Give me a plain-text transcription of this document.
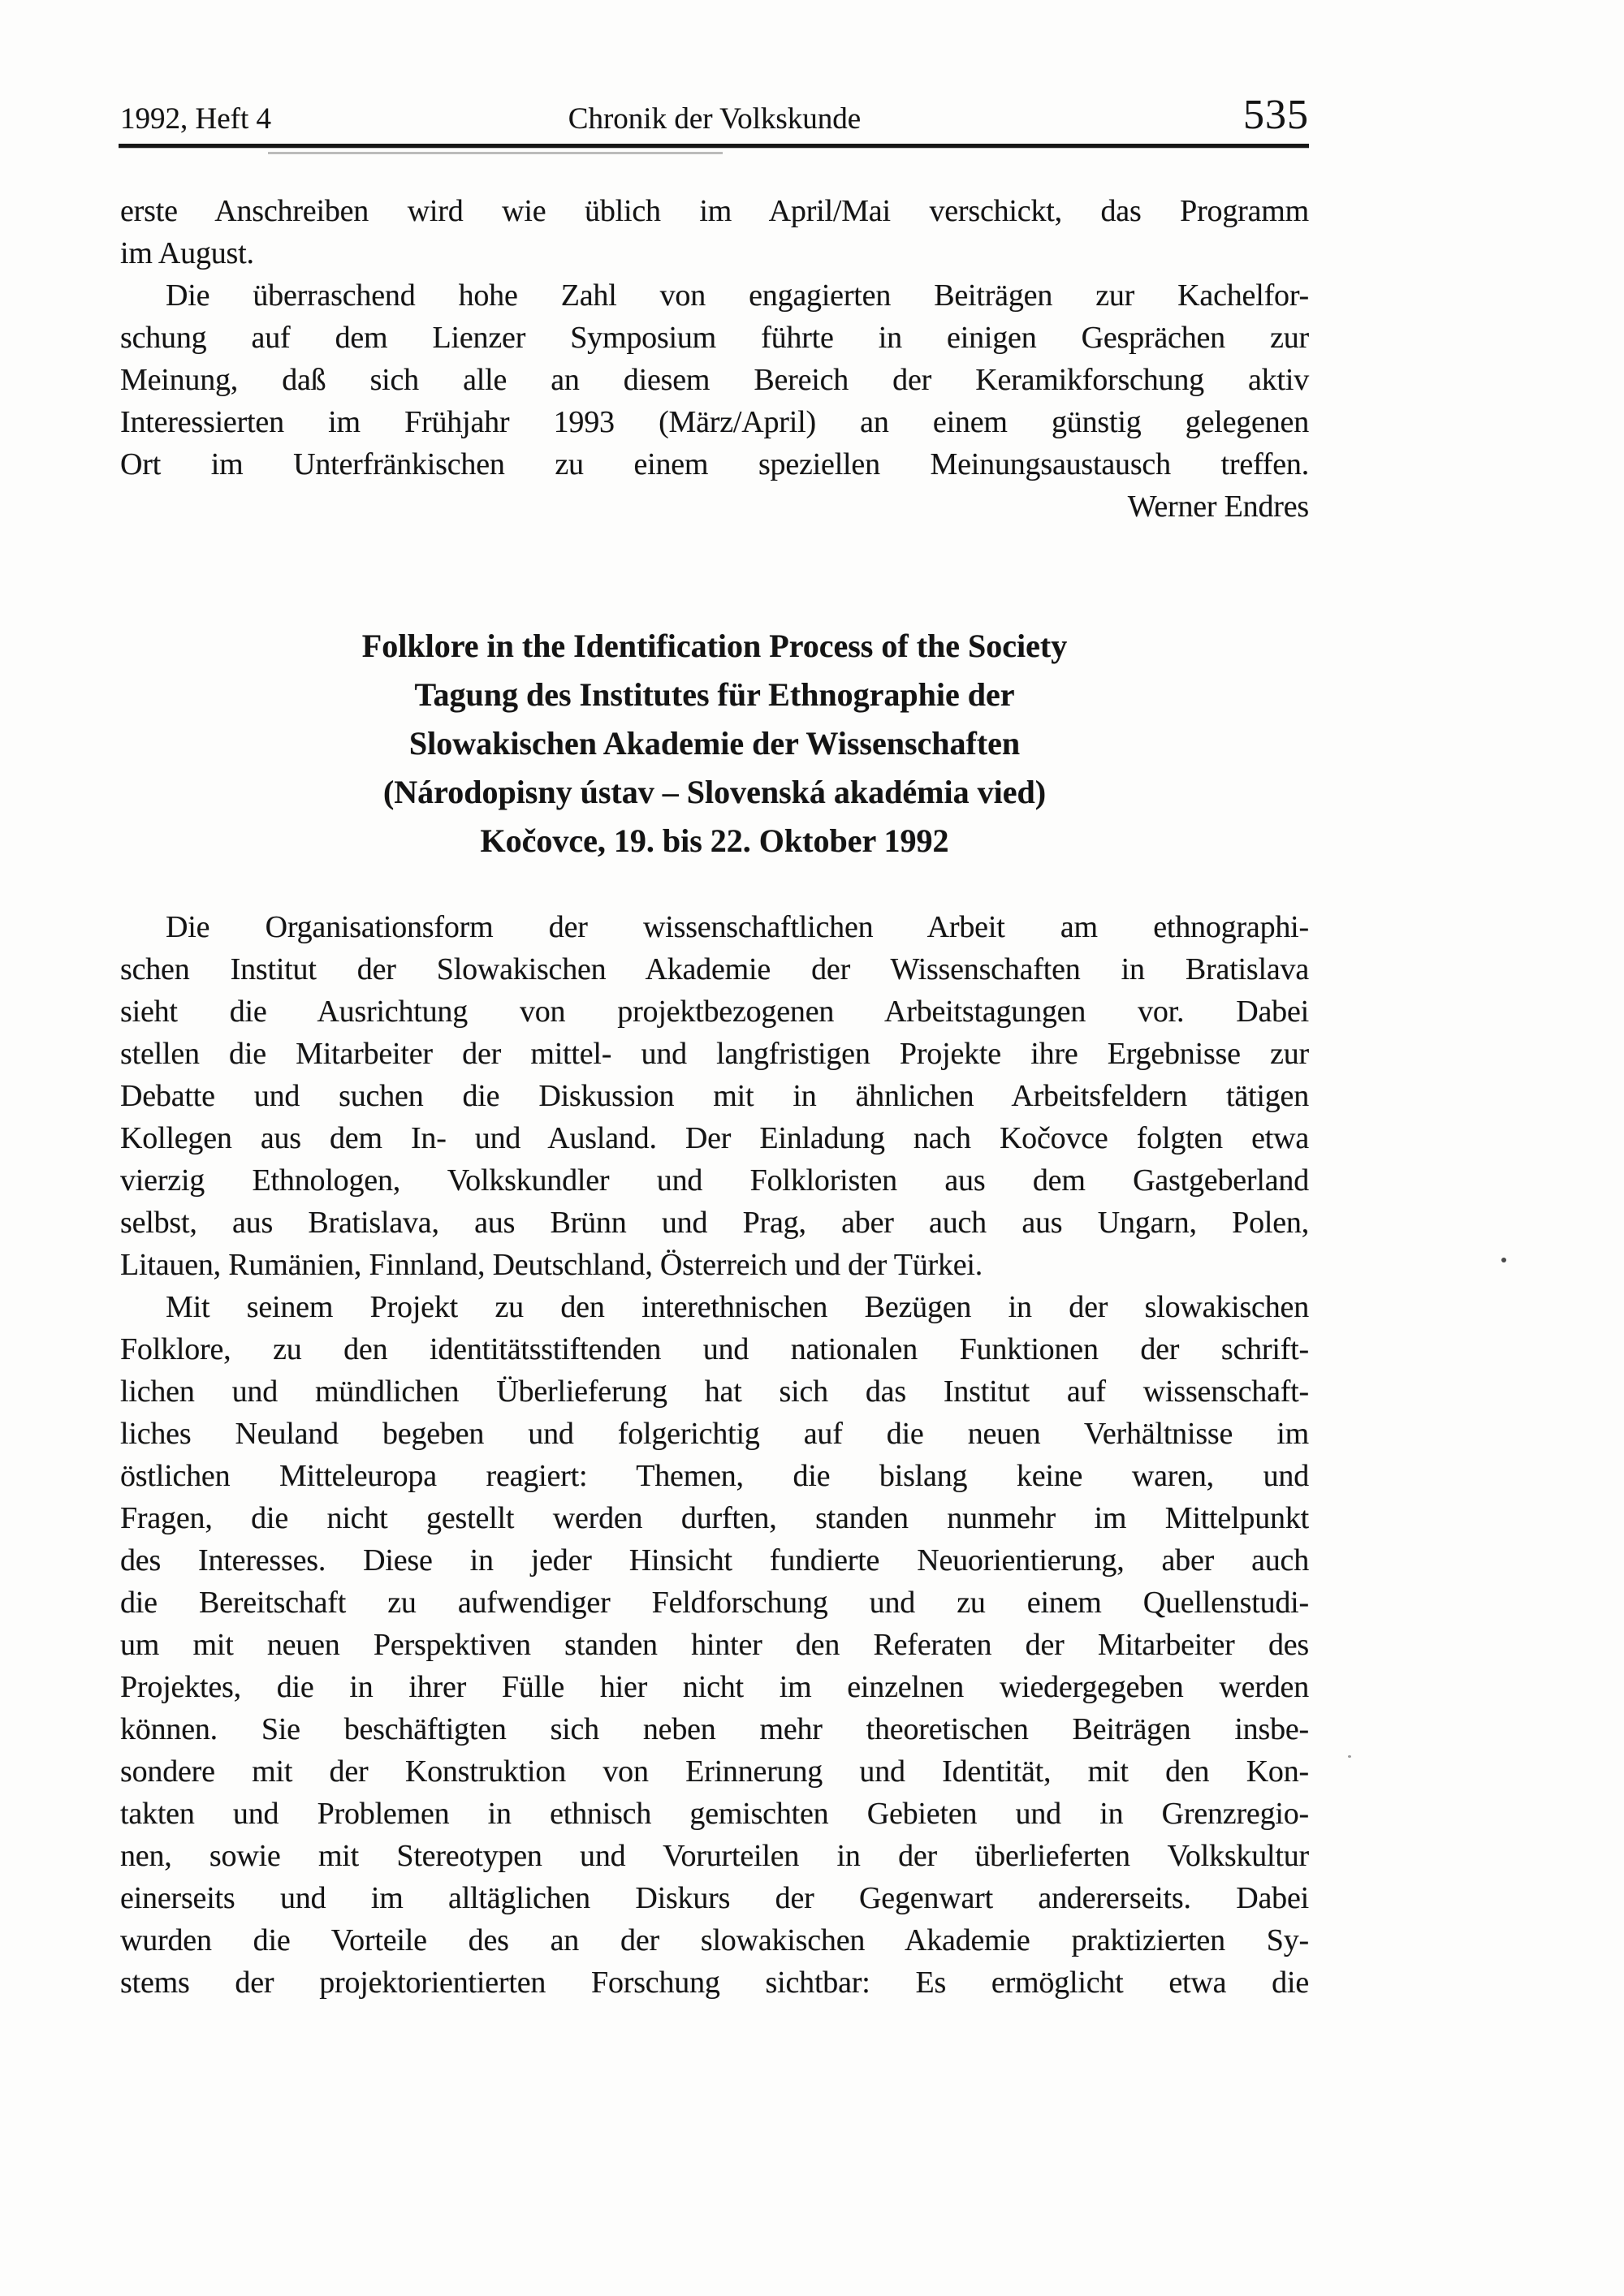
1992, Heft 4	Chronik der Volkskunde	535
erste Anschreiben wird wie üblich im April/Mai verschickt, das Programm
im August.
Die überraschend hohe Zahl von engagierten Beiträgen zur Kachelfor-
schung auf dem Lienzer Symposium führte in einigen Gesprächen zur
Meinung, daß sich alle an diesem Bereich der Keramikforschung aktiv
Interessierten im Frühjahr 1993 (März/April) an einem günstig gelegenen
Ort im Unterfränkischen zu einem speziellen Meinungsaustausch treffen.
Werner Endres
Folklore in the Identification Process of the Society
Tagung des Institutes für Ethnographie der
Slowakischen Akademie der Wissenschaften
(Národopisny ústav – Slovenská akadémia vied)
Kočovce, 19. bis 22. Oktober 1992
Die Organisationsform der wissenschaftlichen Arbeit am ethnographi-
schen Institut der Slowakischen Akademie der Wissenschaften in Bratislava
sieht die Ausrichtung von projektbezogenen Arbeitstagungen vor. Dabei
stellen die Mitarbeiter der mittel- und langfristigen Projekte ihre Ergebnisse zur
Debatte und suchen die Diskussion mit in ähnlichen Arbeitsfeldern tätigen
Kollegen aus dem In- und Ausland. Der Einladung nach Kočovce folgten etwa
vierzig Ethnologen, Volkskundler und Folkloristen aus dem Gastgeberland
selbst, aus Bratislava, aus Brünn und Prag, aber auch aus Ungarn, Polen,
Litauen, Rumänien, Finnland, Deutschland, Österreich und der Türkei.
Mit seinem Projekt zu den interethnischen Bezügen in der slowakischen
Folklore, zu den identitätsstiftenden und nationalen Funktionen der schrift-
lichen und mündlichen Überlieferung hat sich das Institut auf wissenschaft-
liches Neuland begeben und folgerichtig auf die neuen Verhältnisse im
östlichen Mitteleuropa reagiert: Themen, die bislang keine waren, und
Fragen, die nicht gestellt werden durften, standen nunmehr im Mittelpunkt
des Interesses. Diese in jeder Hinsicht fundierte Neuorientierung, aber auch
die Bereitschaft zu aufwendiger Feldforschung und zu einem Quellenstudi-
um mit neuen Perspektiven standen hinter den Referaten der Mitarbeiter des
Projektes, die in ihrer Fülle hier nicht im einzelnen wiedergegeben werden
können. Sie beschäftigten sich neben mehr theoretischen Beiträgen insbe-
sondere mit der Konstruktion von Erinnerung und Identität, mit den Kon-
takten und Problemen in ethnisch gemischten Gebieten und in Grenzregio-
nen, sowie mit Stereotypen und Vorurteilen in der überlieferten Volkskultur
einerseits und im alltäglichen Diskurs der Gegenwart andererseits. Dabei
wurden die Vorteile des an der slowakischen Akademie praktizierten Sy-
stems der projektorientierten Forschung sichtbar: Es ermöglicht etwa die
